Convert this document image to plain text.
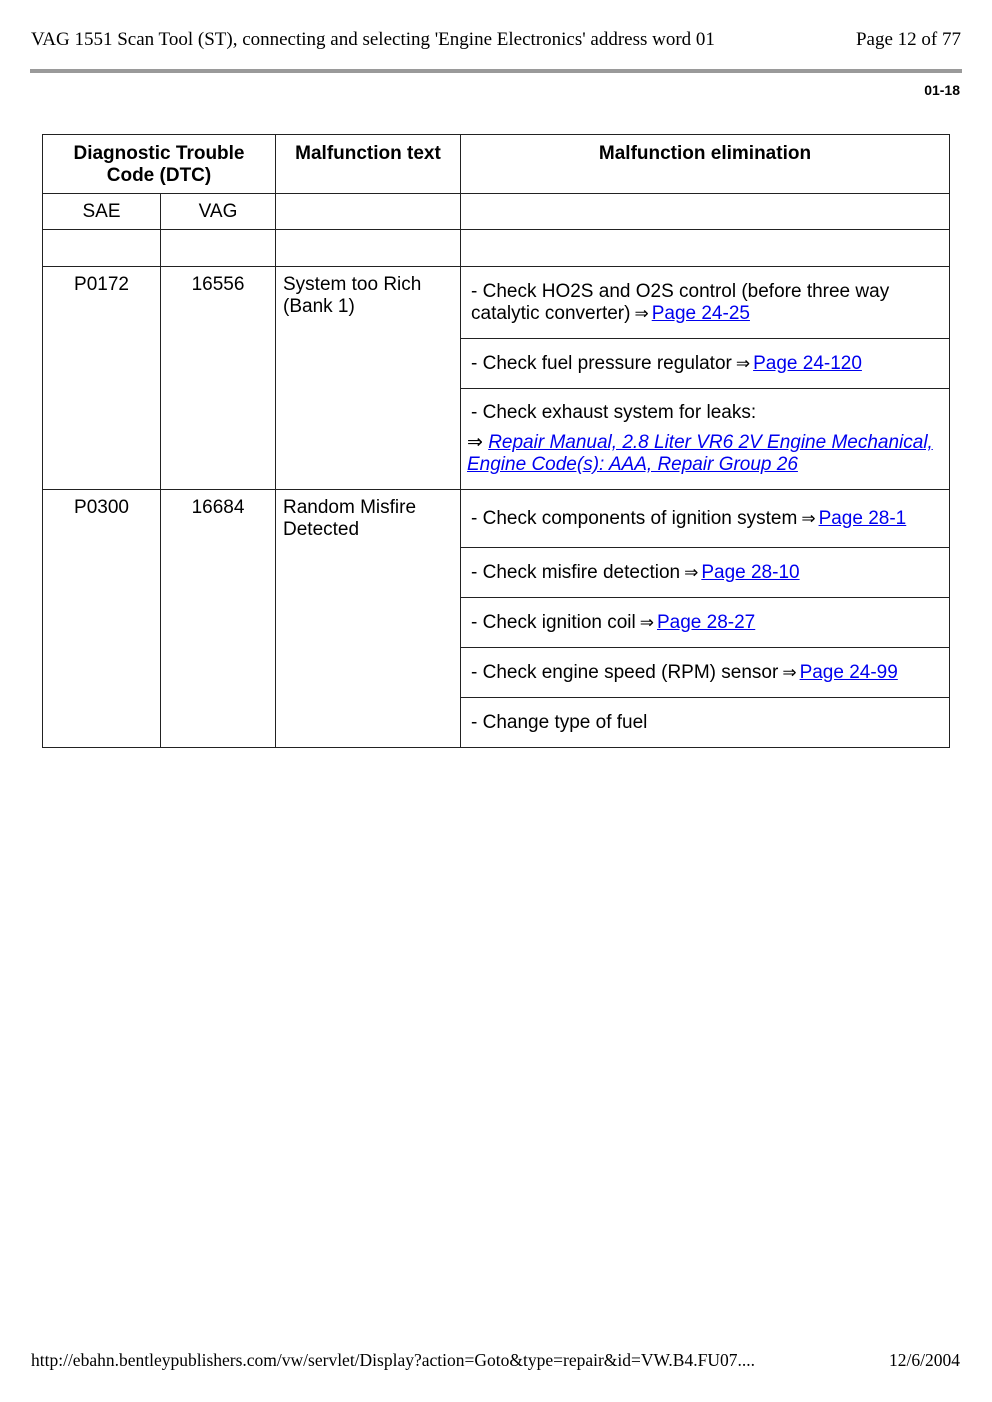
VAG 1551 Scan Tool (ST), connecting and selecting 'Engine Electronics' address word 01	Page 12 of 77
01-18
Diagnostic Trouble Code (DTC)		Malfunction text	Malfunction elimination
SAE	VAG		

P0172	16556	System too Rich (Bank 1)	- Check HO2S and O2S control (before three way catalytic converter) ⇒ Page 24-25
			- Check fuel pressure regulator ⇒ Page 24-120

			- Check exhaust system for leaks:
⇒ Repair Manual, 2.8 Liter VR6 2V Engine Mechanical, Engine Code(s): AAA, Repair Group 26

P0300	16684	Random Misfire Detected	- Check components of ignition system ⇒ Page 28-1
			- Check misfire detection ⇒ Page 28-10
			- Check ignition coil ⇒ Page 28-27
			- Check engine speed (RPM) sensor ⇒ Page 24-99
			- Change type of fuel
http://ebahn.bentleypublishers.com/vw/servlet/Display?action=Goto&type=repair&id=VW.B4.FU07....	12/6/2004
